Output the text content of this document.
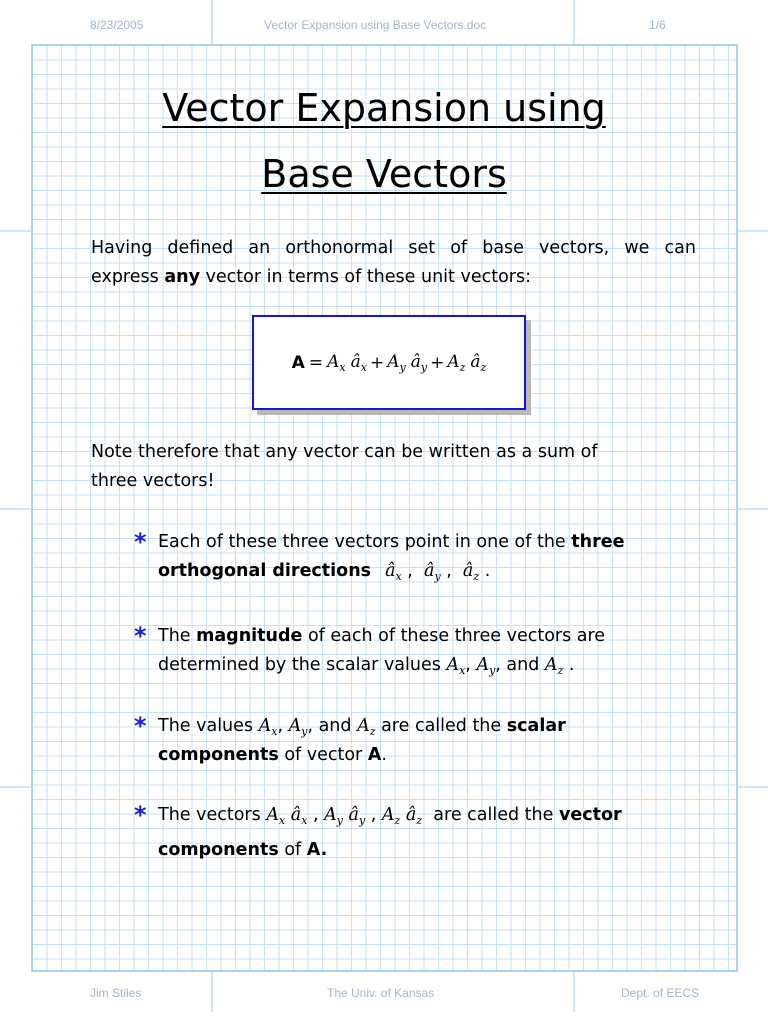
8/23/2005	Vector Expansion using Base Vectors.doc	1/6
Vector Expansion using
Base Vectors
Having defined an orthonormal set of base vectors, we can
express any vector in terms of these unit vectors:
$A = A_x$ $â_x + A_y$ $â_y + A_z$ $â_z$
Note therefore that any vector can be written as a sum of
three vectors!
* Each of these three vectors point in one of the three
orthogonal directions $â_x$ ,  $â_y$ ,  $â_z$ .
* The magnitude of each of these three vectors are
determined by the scalar values $A_x$, $A_y$, and $A_z$ .
* The values $A_x$, $A_y$, and $A_z$ are called the scalar
components of vector A.
* The vectors $A_x$ $â_x$ , $A_y$ $â_y$ , $A_z$ $â_z$  are called the vector
components of A.
Jim Stiles	The Univ. of Kansas	Dept. of EECS
